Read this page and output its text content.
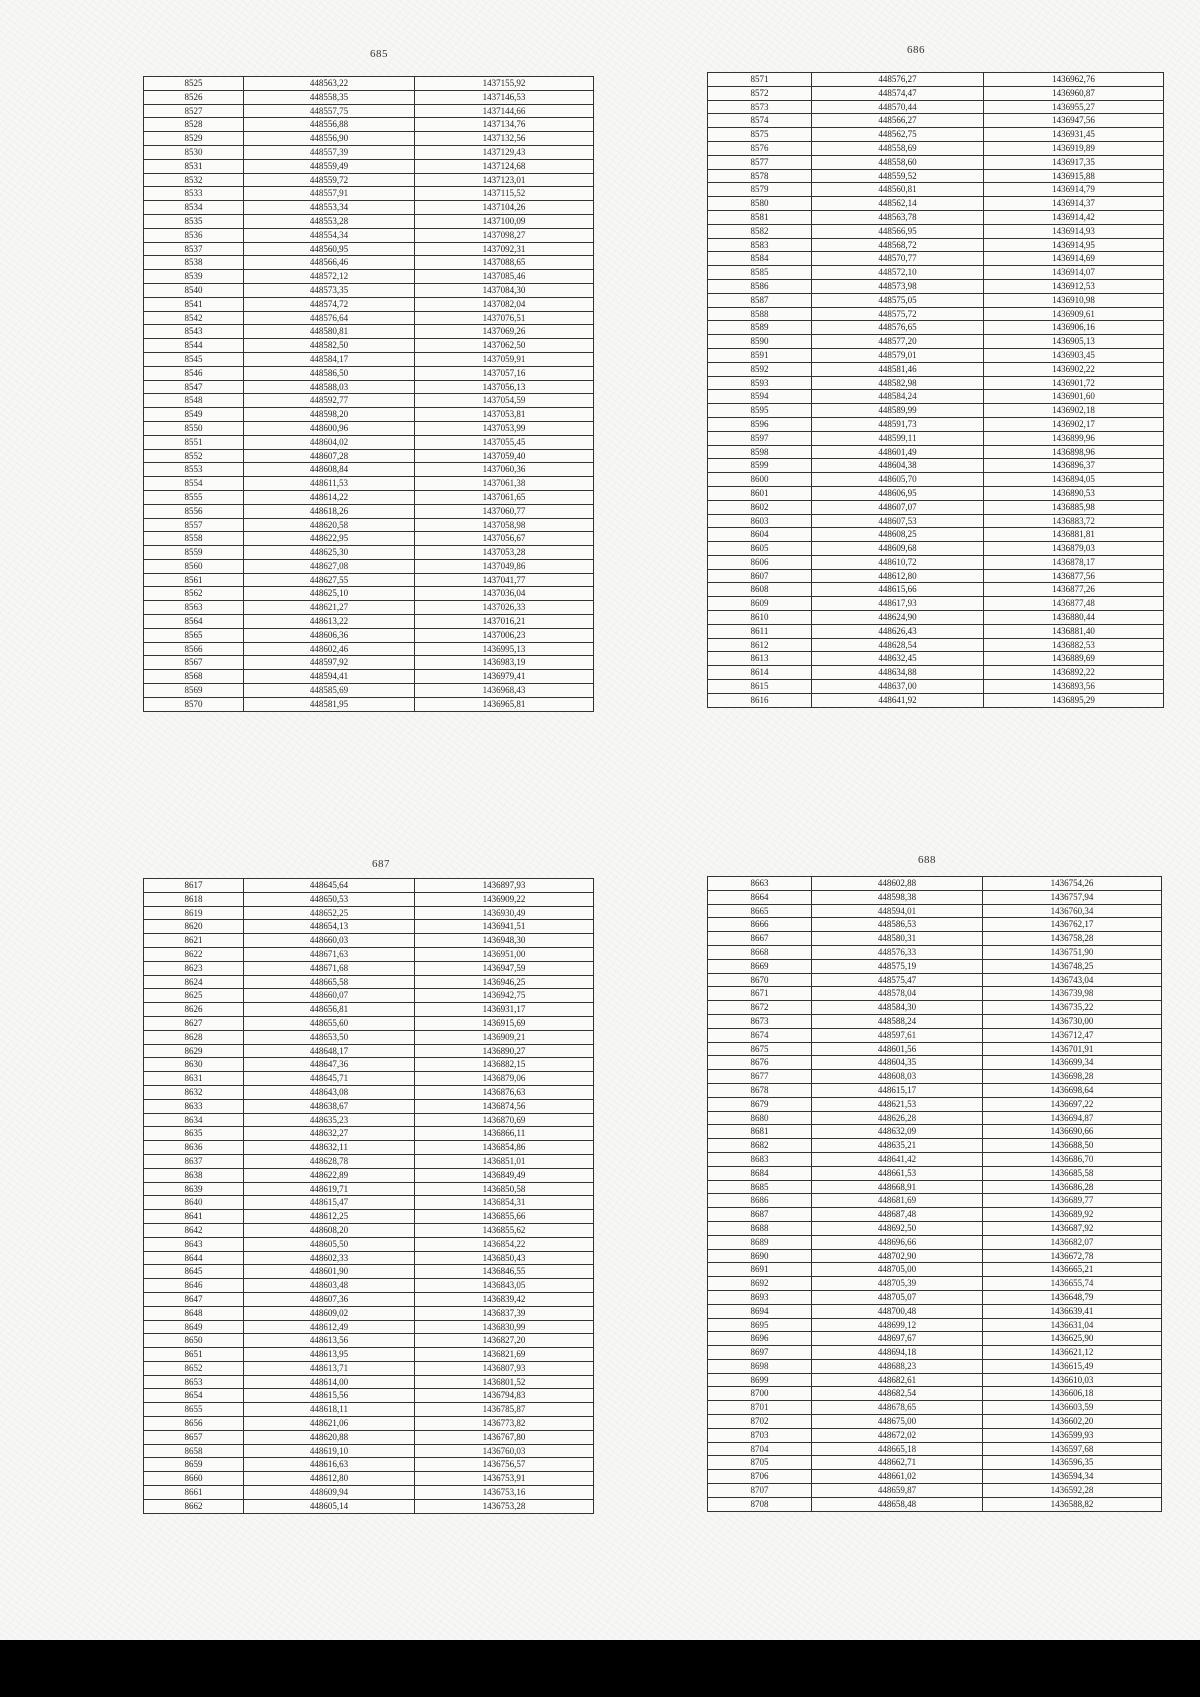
685
8525	448563,22	1437155,92
8526	448558,35	1437146,53
8527	448557,75	1437144,66
8528	448556,88	1437134,76
8529	448556,90	1437132,56
8530	448557,39	1437129,43
8531	448559,49	1437124,68
8532	448559,72	1437123,01
8533	448557,91	1437115,52
8534	448553,34	1437104,26
8535	448553,28	1437100,09
8536	448554,34	1437098,27
8537	448560,95	1437092,31
8538	448566,46	1437088,65
8539	448572,12	1437085,46
8540	448573,35	1437084,30
8541	448574,72	1437082,04
8542	448576,64	1437076,51
8543	448580,81	1437069,26
8544	448582,50	1437062,50
8545	448584,17	1437059,91
8546	448586,50	1437057,16
8547	448588,03	1437056,13
8548	448592,77	1437054,59
8549	448598,20	1437053,81
8550	448600,96	1437053,99
8551	448604,02	1437055,45
8552	448607,28	1437059,40
8553	448608,84	1437060,36
8554	448611,53	1437061,38
8555	448614,22	1437061,65
8556	448618,26	1437060,77
8557	448620,58	1437058,98
8558	448622,95	1437056,67
8559	448625,30	1437053,28
8560	448627,08	1437049,86
8561	448627,55	1437041,77
8562	448625,10	1437036,04
8563	448621,27	1437026,33
8564	448613,22	1437016,21
8565	448606,36	1437006,23
8566	448602,46	1436995,13
8567	448597,92	1436983,19
8568	448594,41	1436979,41
8569	448585,69	1436968,43
8570	448581,95	1436965,81
686
8571	448576,27	1436962,76
8572	448574,47	1436960,87
8573	448570,44	1436955,27
8574	448566,27	1436947,56
8575	448562,75	1436931,45
8576	448558,69	1436919,89
8577	448558,60	1436917,35
8578	448559,52	1436915,88
8579	448560,81	1436914,79
8580	448562,14	1436914,37
8581	448563,78	1436914,42
8582	448566,95	1436914,93
8583	448568,72	1436914,95
8584	448570,77	1436914,69
8585	448572,10	1436914,07
8586	448573,98	1436912,53
8587	448575,05	1436910,98
8588	448575,72	1436909,61
8589	448576,65	1436906,16
8590	448577,20	1436905,13
8591	448579,01	1436903,45
8592	448581,46	1436902,22
8593	448582,98	1436901,72
8594	448584,24	1436901,60
8595	448589,99	1436902,18
8596	448591,73	1436902,17
8597	448599,11	1436899,96
8598	448601,49	1436898,96
8599	448604,38	1436896,37
8600	448605,70	1436894,05
8601	448606,95	1436890,53
8602	448607,07	1436885,98
8603	448607,53	1436883,72
8604	448608,25	1436881,81
8605	448609,68	1436879,03
8606	448610,72	1436878,17
8607	448612,80	1436877,56
8608	448615,66	1436877,26
8609	448617,93	1436877,48
8610	448624,90	1436880,44
8611	448626,43	1436881,40
8612	448628,54	1436882,53
8613	448632,45	1436889,69
8614	448634,88	1436892,22
8615	448637,00	1436893,56
8616	448641,92	1436895,29
687
8617	448645,64	1436897,93
8618	448650,53	1436909,22
8619	448652,25	1436930,49
8620	448654,13	1436941,51
8621	448660,03	1436948,30
8622	448671,63	1436951,00
8623	448671,68	1436947,59
8624	448665,58	1436946,25
8625	448660,07	1436942,75
8626	448656,81	1436931,17
8627	448655,60	1436915,69
8628	448653,50	1436909,21
8629	448648,17	1436890,27
8630	448647,36	1436882,15
8631	448645,71	1436879,06
8632	448643,08	1436876,63
8633	448638,67	1436874,56
8634	448635,23	1436870,69
8635	448632,27	1436866,11
8636	448632,11	1436854,86
8637	448628,78	1436851,01
8638	448622,89	1436849,49
8639	448619,71	1436850,58
8640	448615,47	1436854,31
8641	448612,25	1436855,66
8642	448608,20	1436855,62
8643	448605,50	1436854,22
8644	448602,33	1436850,43
8645	448601,90	1436846,55
8646	448603,48	1436843,05
8647	448607,36	1436839,42
8648	448609,02	1436837,39
8649	448612,49	1436830,99
8650	448613,56	1436827,20
8651	448613,95	1436821,69
8652	448613,71	1436807,93
8653	448614,00	1436801,52
8654	448615,56	1436794,83
8655	448618,11	1436785,87
8656	448621,06	1436773,82
8657	448620,88	1436767,80
8658	448619,10	1436760,03
8659	448616,63	1436756,57
8660	448612,80	1436753,91
8661	448609,94	1436753,16
8662	448605,14	1436753,28
688
8663	448602,88	1436754,26
8664	448598,38	1436757,94
8665	448594,01	1436760,34
8666	448586,53	1436762,17
8667	448580,31	1436758,28
8668	448576,33	1436751,90
8669	448575,19	1436748,25
8670	448575,47	1436743,04
8671	448578,04	1436739,98
8672	448584,30	1436735,22
8673	448588,24	1436730,00
8674	448597,61	1436712,47
8675	448601,56	1436701,91
8676	448604,35	1436699,34
8677	448608,03	1436698,28
8678	448615,17	1436698,64
8679	448621,53	1436697,22
8680	448626,28	1436694,87
8681	448632,09	1436690,66
8682	448635,21	1436688,50
8683	448641,42	1436686,70
8684	448661,53	1436685,58
8685	448668,91	1436686,28
8686	448681,69	1436689,77
8687	448687,48	1436689,92
8688	448692,50	1436687,92
8689	448696,66	1436682,07
8690	448702,90	1436672,78
8691	448705,00	1436665,21
8692	448705,39	1436655,74
8693	448705,07	1436648,79
8694	448700,48	1436639,41
8695	448699,12	1436631,04
8696	448697,67	1436625,90
8697	448694,18	1436621,12
8698	448688,23	1436615,49
8699	448682,61	1436610,03
8700	448682,54	1436606,18
8701	448678,65	1436603,59
8702	448675,00	1436602,20
8703	448672,02	1436599,93
8704	448665,18	1436597,68
8705	448662,71	1436596,35
8706	448661,02	1436594,34
8707	448659,87	1436592,28
8708	448658,48	1436588,82
